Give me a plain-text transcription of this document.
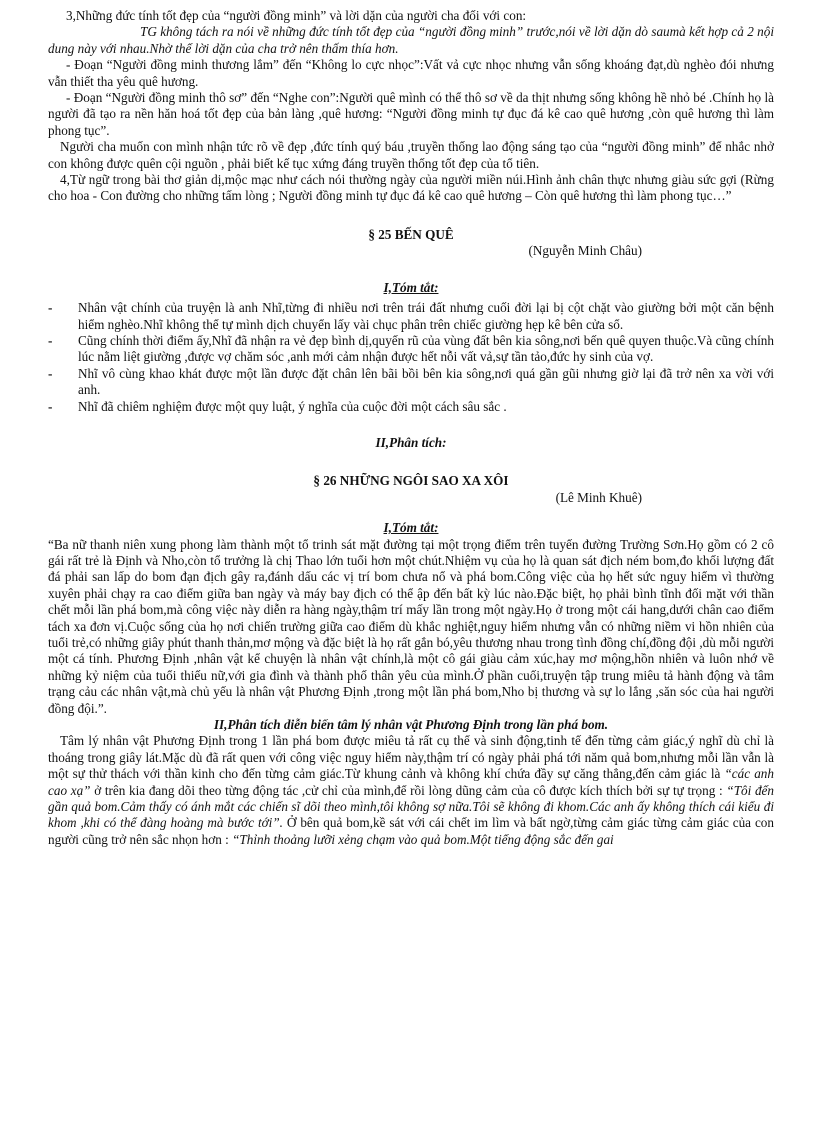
3,Những đức tính tốt đẹp của “người đồng minh” và lời dặn của người cha đối với con:

TG không tách ra nói về những đức tính tốt đẹp của “người đồng minh” trước,nói về lời dặn dò saumà kết hợp cả 2 nội dung này với nhau.Nhờ thế lời dặn của cha trở nên thấm thía hơn.

- Đoạn “Người đồng minh thương lắm” đến “Không lo cực nhọc”:Vất vả cực nhọc nhưng vẫn sống khoáng đạt,dù nghèo đói nhưng vẫn thiết tha yêu quê hương.

- Đoạn “Người đồng minh thô sơ” đến “Nghe con”:Người quê mình có thể thô sơ về da thịt nhưng sống không hề nhỏ bé .Chính họ là người đã tạo ra nền hăn hoá tốt đẹp của bản làng ,quê hương: “Người đồng minh tự đục đá kê cao quê hương ,còn quê hương thì làm phong tục”.

Người cha muốn con mình nhận tức rõ về đẹp ,đức tính quý báu ,truyền thống lao động sáng tạo của “người đồng minh” để nhắc nhở con không được quên cội nguồn , phải biết kế tục xứng đáng truyền thống tốt đẹp của tổ tiên.

4,Từ ngữ trong bài thơ giản dị,mộc mạc như cách nói thường ngày của người miền núi.Hình ảnh chân thực nhưng giàu sức gợi (Rừng cho hoa - Con đường cho những tấm lòng ; Người đồng minh tự đục đá kê cao quê hương – Còn quê hương thì làm phong tục…”

§ 25 BẾN QUÊ

(Nguyễn Minh Châu)

I,Tóm tắt:

- Nhân vật chính của truyện là anh Nhĩ,từng đi nhiều nơi trên trái đất nhưng cuối đời lại bị cột chặt vào giường bởi một căn bệnh hiểm nghèo.Nhĩ không thể tự mình dịch chuyển lấy vài chục phân trên chiếc giường hẹp kê bên cửa sổ.
- Cũng chính thời điểm ấy,Nhĩ đã nhận ra vẻ đẹp bình dị,quyến rũ của vùng đất bên kia sông,nơi bến quê quyen thuộc.Và cũng chính lúc nằm liệt giường ,được vợ chăm sóc ,anh mới cảm nhận được hết nỗi vất vả,sự tần tảo,đức hy sinh của vợ.
- Nhĩ vô cùng khao khát được một lần được đặt chân lên bãi bồi bên kia sông,nơi quá gần gũi nhưng giờ lại đã trở nên xa vời với anh.
- Nhĩ đã chiêm nghiệm được một quy luật, ý nghĩa của cuộc đời một cách sâu sắc .

II,Phân tích:

§ 26 NHỮNG NGÔI SAO XA XÔI

(Lê Minh Khuê)

I,Tóm tắt:

“Ba nữ thanh niên xung phong làm thành một tổ trinh sát mặt đường tại một trọng điểm trên tuyến đường Trường Sơn.Họ gồm có 2 cô gái rất trẻ là Định và Nho,còn tổ trưởng là chị Thao lớn tuổi hơn một chút.Nhiệm vụ của họ là quan sát địch ném bom,đo khối lượng đất đá phải san lấp do bom đạn địch gây ra,đánh dấu các vị trí bom chưa nổ và phá bom.Công việc của họ hết sức nguy hiểm vì thường xuyên phải chạy ra cao điểm giữa ban ngày và máy bay địch có thể ập đến bất kỳ lúc nào.Đặc biệt, họ phải bình tĩnh đối mặt với thần chết mỗi lần phá bom,mà công việc này diễn ra hàng ngày,thậm trí mấy lần trong một ngày.Họ ở trong một cái hang,dưới chân cao điểm tách xa đơn vị.Cuộc sống của họ nơi chiến trường giữa cao điểm dù khắc nghiệt,nguy hiểm nhưng vẫn có những niềm vi hồn nhiên của tuổi trẻ,có những giây phút thanh thản,mơ mộng và đặc biệt là họ rất gắn bó,yêu thương nhau trong tình đồng chí,đồng đội ,dù mỗi người một cá tính. Phương Định ,nhân vật kể chuyện là nhân vật chính,là một cô gái giàu cảm xúc,hay mơ mộng,hồn nhiên và luôn nhớ về những kỷ niệm của tuổi thiếu nữ,với gia đình và thành phố thân yêu của mình.Ở phần cuối,truyện tập trung miêu tả hành động và tâm trạng cảu các nhân vật,mà chủ yếu là nhân vật Phương Định ,trong một lần phá bom,Nho bị thương và sự lo lắng ,săn sóc của hai người đồng đội.”.

II,Phân tích diễn biến tâm lý nhân vật Phương Định trong lần phá bom.

Tâm lý nhân vật Phương Định trong 1 lần phá bom được miêu tả rất cụ thể và sinh động,tinh tế đến từng cảm giác,ý nghĩ dù chỉ là thoáng trong giây lát.Mặc dù đã rất quen với công việc nguy hiểm này,thậm trí có ngày phải phá tới năm quả bom,nhưng mỗi lần vẫn là một sự thử thách với thần kinh cho đến từng cảm giác.Từ khung cảnh và không khí chứa đầy sự căng thẳng,đến cảm giác là “các anh cao xạ” ở trên kia đang dõi theo từng động tác ,cử chỉ của mình,để rồi lòng dũng cảm của cô được kích thích bởi sự tự trọng : “Tôi đến gần quả bom.Cảm thấy có ánh mắt các chiến sĩ dõi theo mình,tôi không sợ nữa.Tôi sẽ không đi khom.Các anh ấy không thích cái kiểu đi khom ,khi có thể đàng hoàng mà bước tới”. Ở bên quả bom,kề sát với cái chết im lìm và bất ngờ,từng cảm giác từng cảm giác của con người cũng trở nên sắc nhọn hơn : “Thỉnh thoảng lưỡi xẻng chạm vào quả bom.Một tiếng động sắc đến gai
